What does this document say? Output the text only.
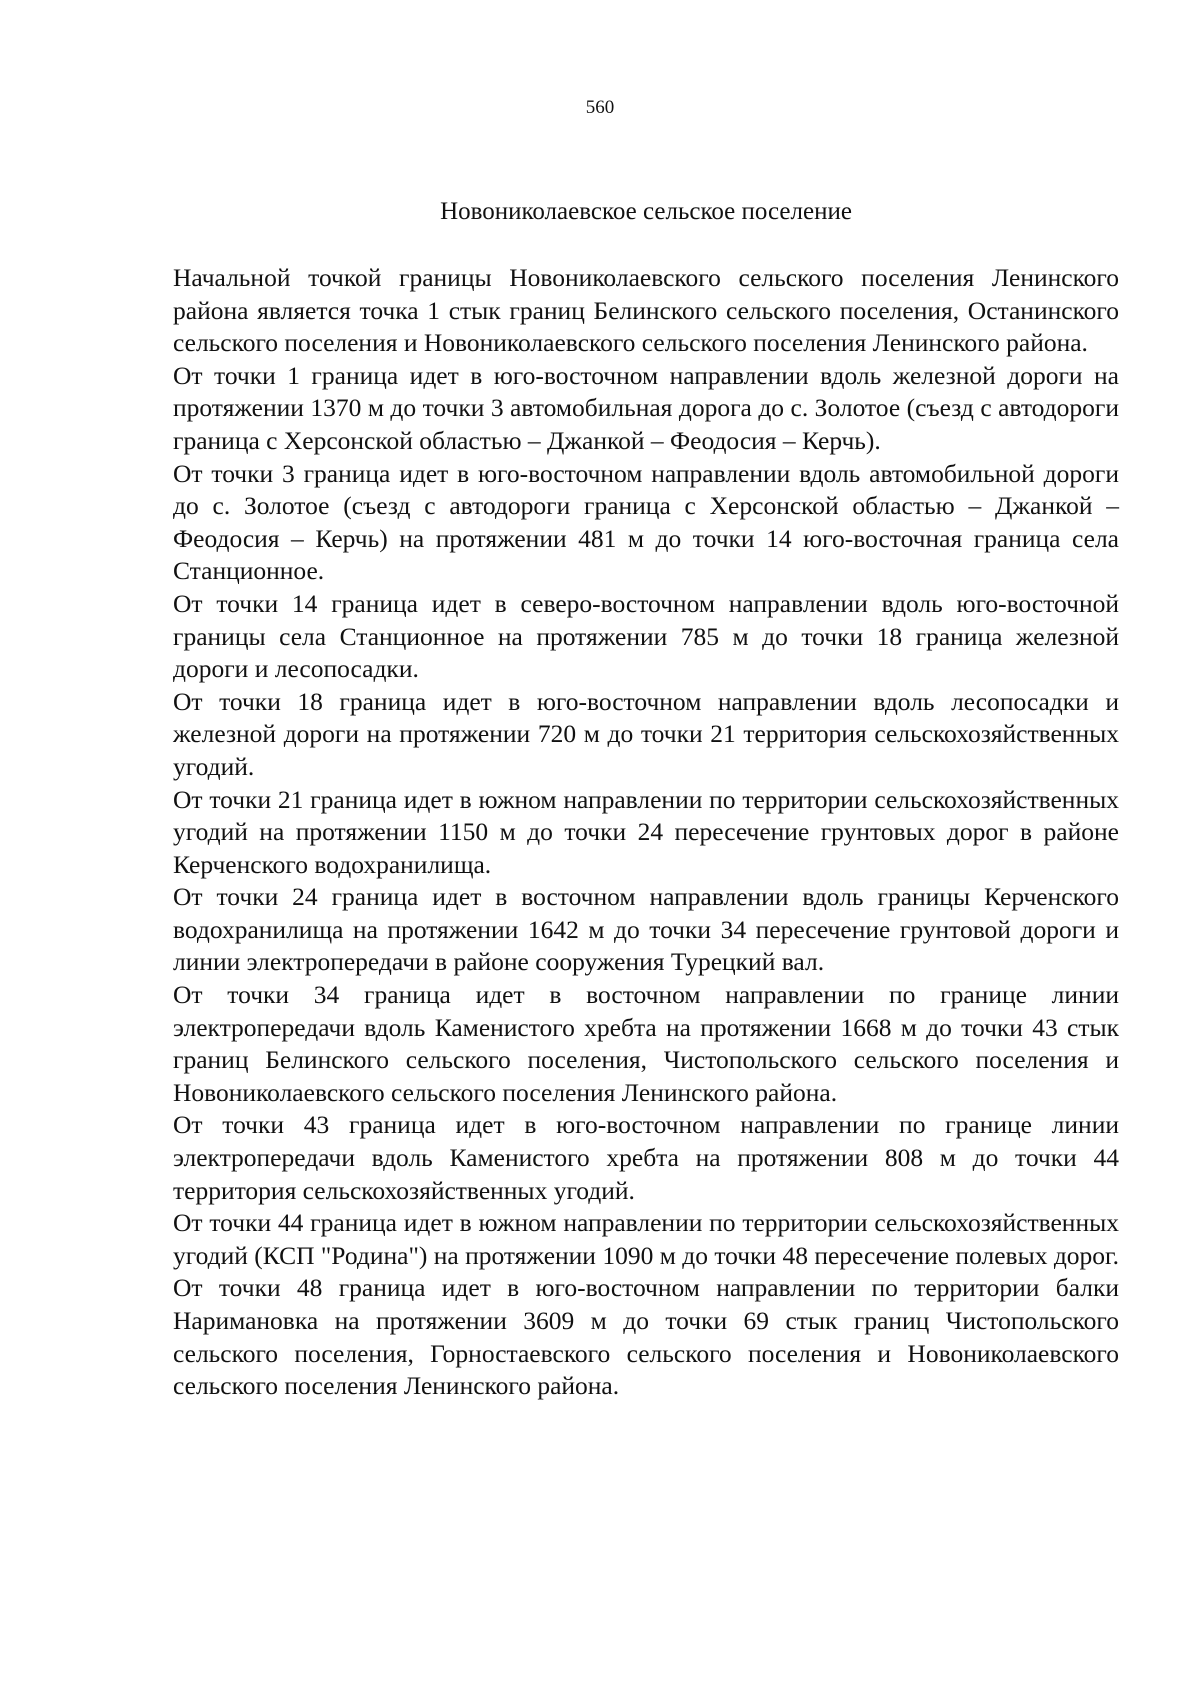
560
Новониколаевское сельское поселение

Начальной точкой границы Новониколаевского сельского поселения Ленинского района является точка 1 стык границ Белинского сельского поселения, Останинского сельского поселения и Новониколаевского сельского поселения Ленинского района.

От точки 1 граница идет в юго-восточном направлении вдоль железной дороги на протяжении 1370 м до точки 3 автомобильная дорога до с. Золотое (съезд с автодороги граница с Херсонской областью – Джанкой – Феодосия – Керчь).

От точки 3 граница идет в юго-восточном направлении вдоль автомобильной дороги до с. Золотое (съезд с автодороги граница с Херсонской областью – Джанкой – Феодосия – Керчь) на протяжении 481 м до точки 14 юго-восточная граница села Станционное.

От точки 14 граница идет в северо-восточном направлении вдоль юго-восточной границы села Станционное на протяжении 785 м до точки 18 граница железной дороги и лесопосадки.

От точки 18 граница идет в юго-восточном направлении вдоль лесопосадки и железной дороги на протяжении 720 м до точки 21 территория сельскохозяйственных угодий.

От точки 21 граница идет в южном направлении по территории сельскохозяйственных угодий на протяжении 1150 м до точки 24 пересечение грунтовых дорог в районе Керченского водохранилища.

От точки 24 граница идет в восточном направлении вдоль границы Керченского водохранилища на протяжении 1642 м до точки 34 пересечение грунтовой дороги и линии электропередачи в районе сооружения Турецкий вал.

От точки 34 граница идет в восточном направлении по границе линии электропередачи вдоль Каменистого хребта на протяжении 1668 м до точки 43 стык границ Белинского сельского поселения, Чистопольского сельского поселения и Новониколаевского сельского поселения Ленинского района.

От точки 43 граница идет в юго-восточном направлении по границе линии электропередачи вдоль Каменистого хребта на протяжении 808 м до точки 44 территория сельскохозяйственных угодий.

От точки 44 граница идет в южном направлении по территории сельскохозяйственных угодий (КСП "Родина") на протяжении 1090 м до точки 48 пересечение полевых дорог.

От точки 48 граница идет в юго-восточном направлении по территории балки Наримановка на протяжении 3609 м до точки 69 стык границ Чистопольского сельского поселения, Горностаевского сельского поселения и Новониколаевского сельского поселения Ленинского района.
